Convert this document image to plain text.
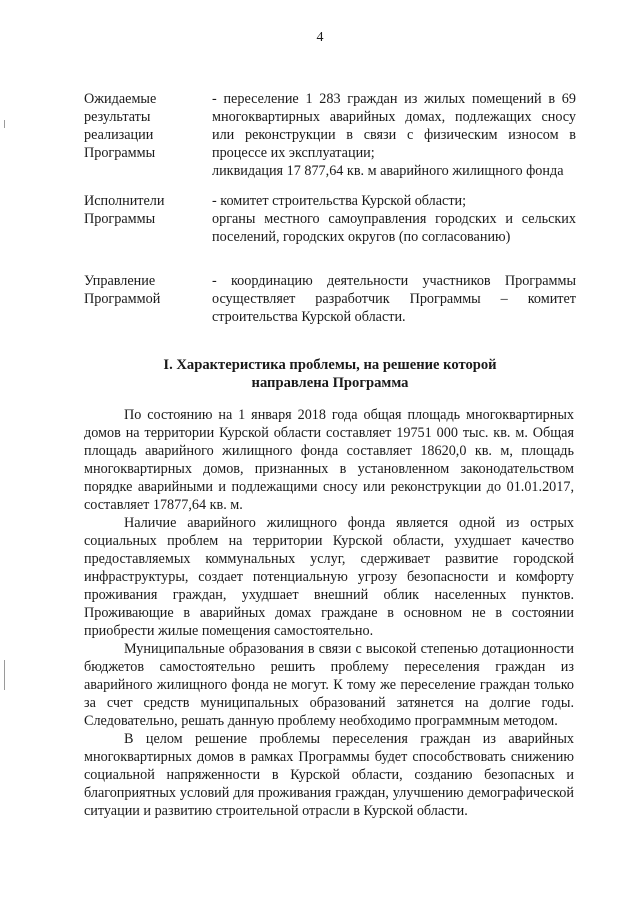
4
Ожидаемые
результаты
реализации
Программы

- переселение 1 283 граждан из жилых помещений в 69 многоквартирных аварийных домах, подлежащих сносу или реконструкции в связи с физическим износом в процессе их эксплуатации;

ликвидация 17 877,64 кв. м аварийного жилищного фонда

Исполнители
Программы

- комитет строительства Курской области;

органы местного самоуправления городских и сельских поселений, городских округов (по согласованию)

Управление
Программой

- координацию деятельности участников Программы осуществляет разработчик Программы – комитет строительства Курской области.

I. Характеристика проблемы, на решение которой
направлена Программа

По состоянию на 1 января 2018 года общая площадь многоквартирных домов на территории Курской области составляет 19751 000 тыс. кв. м. Общая площадь аварийного жилищного фонда составляет 18620,0 кв. м, площадь многоквартирных домов, признанных в установленном законодательством порядке аварийными и подлежащими сносу или реконструкции до 01.01.2017, составляет 17877,64 кв. м.

Наличие аварийного жилищного фонда является одной из острых социальных проблем на территории Курской области, ухудшает качество предоставляемых коммунальных услуг, сдерживает развитие городской инфраструктуры, создает потенциальную угрозу безопасности и комфорту проживания граждан, ухудшает внешний облик населенных пунктов. Проживающие в аварийных домах граждане в основном не в состоянии приобрести жилые помещения самостоятельно.

Муниципальные образования в связи с высокой степенью дотационности бюджетов самостоятельно решить проблему переселения граждан из аварийного жилищного фонда не могут. К тому же переселение граждан только за счет средств муниципальных образований затянется на долгие годы. Следовательно, решать данную проблему необходимо программным методом.

В целом решение проблемы переселения граждан из аварийных многоквартирных домов в рамках Программы будет способствовать снижению социальной напряженности в Курской области, созданию безопасных и благоприятных условий для проживания граждан, улучшению демографической ситуации и развитию строительной отрасли в Курской области.
